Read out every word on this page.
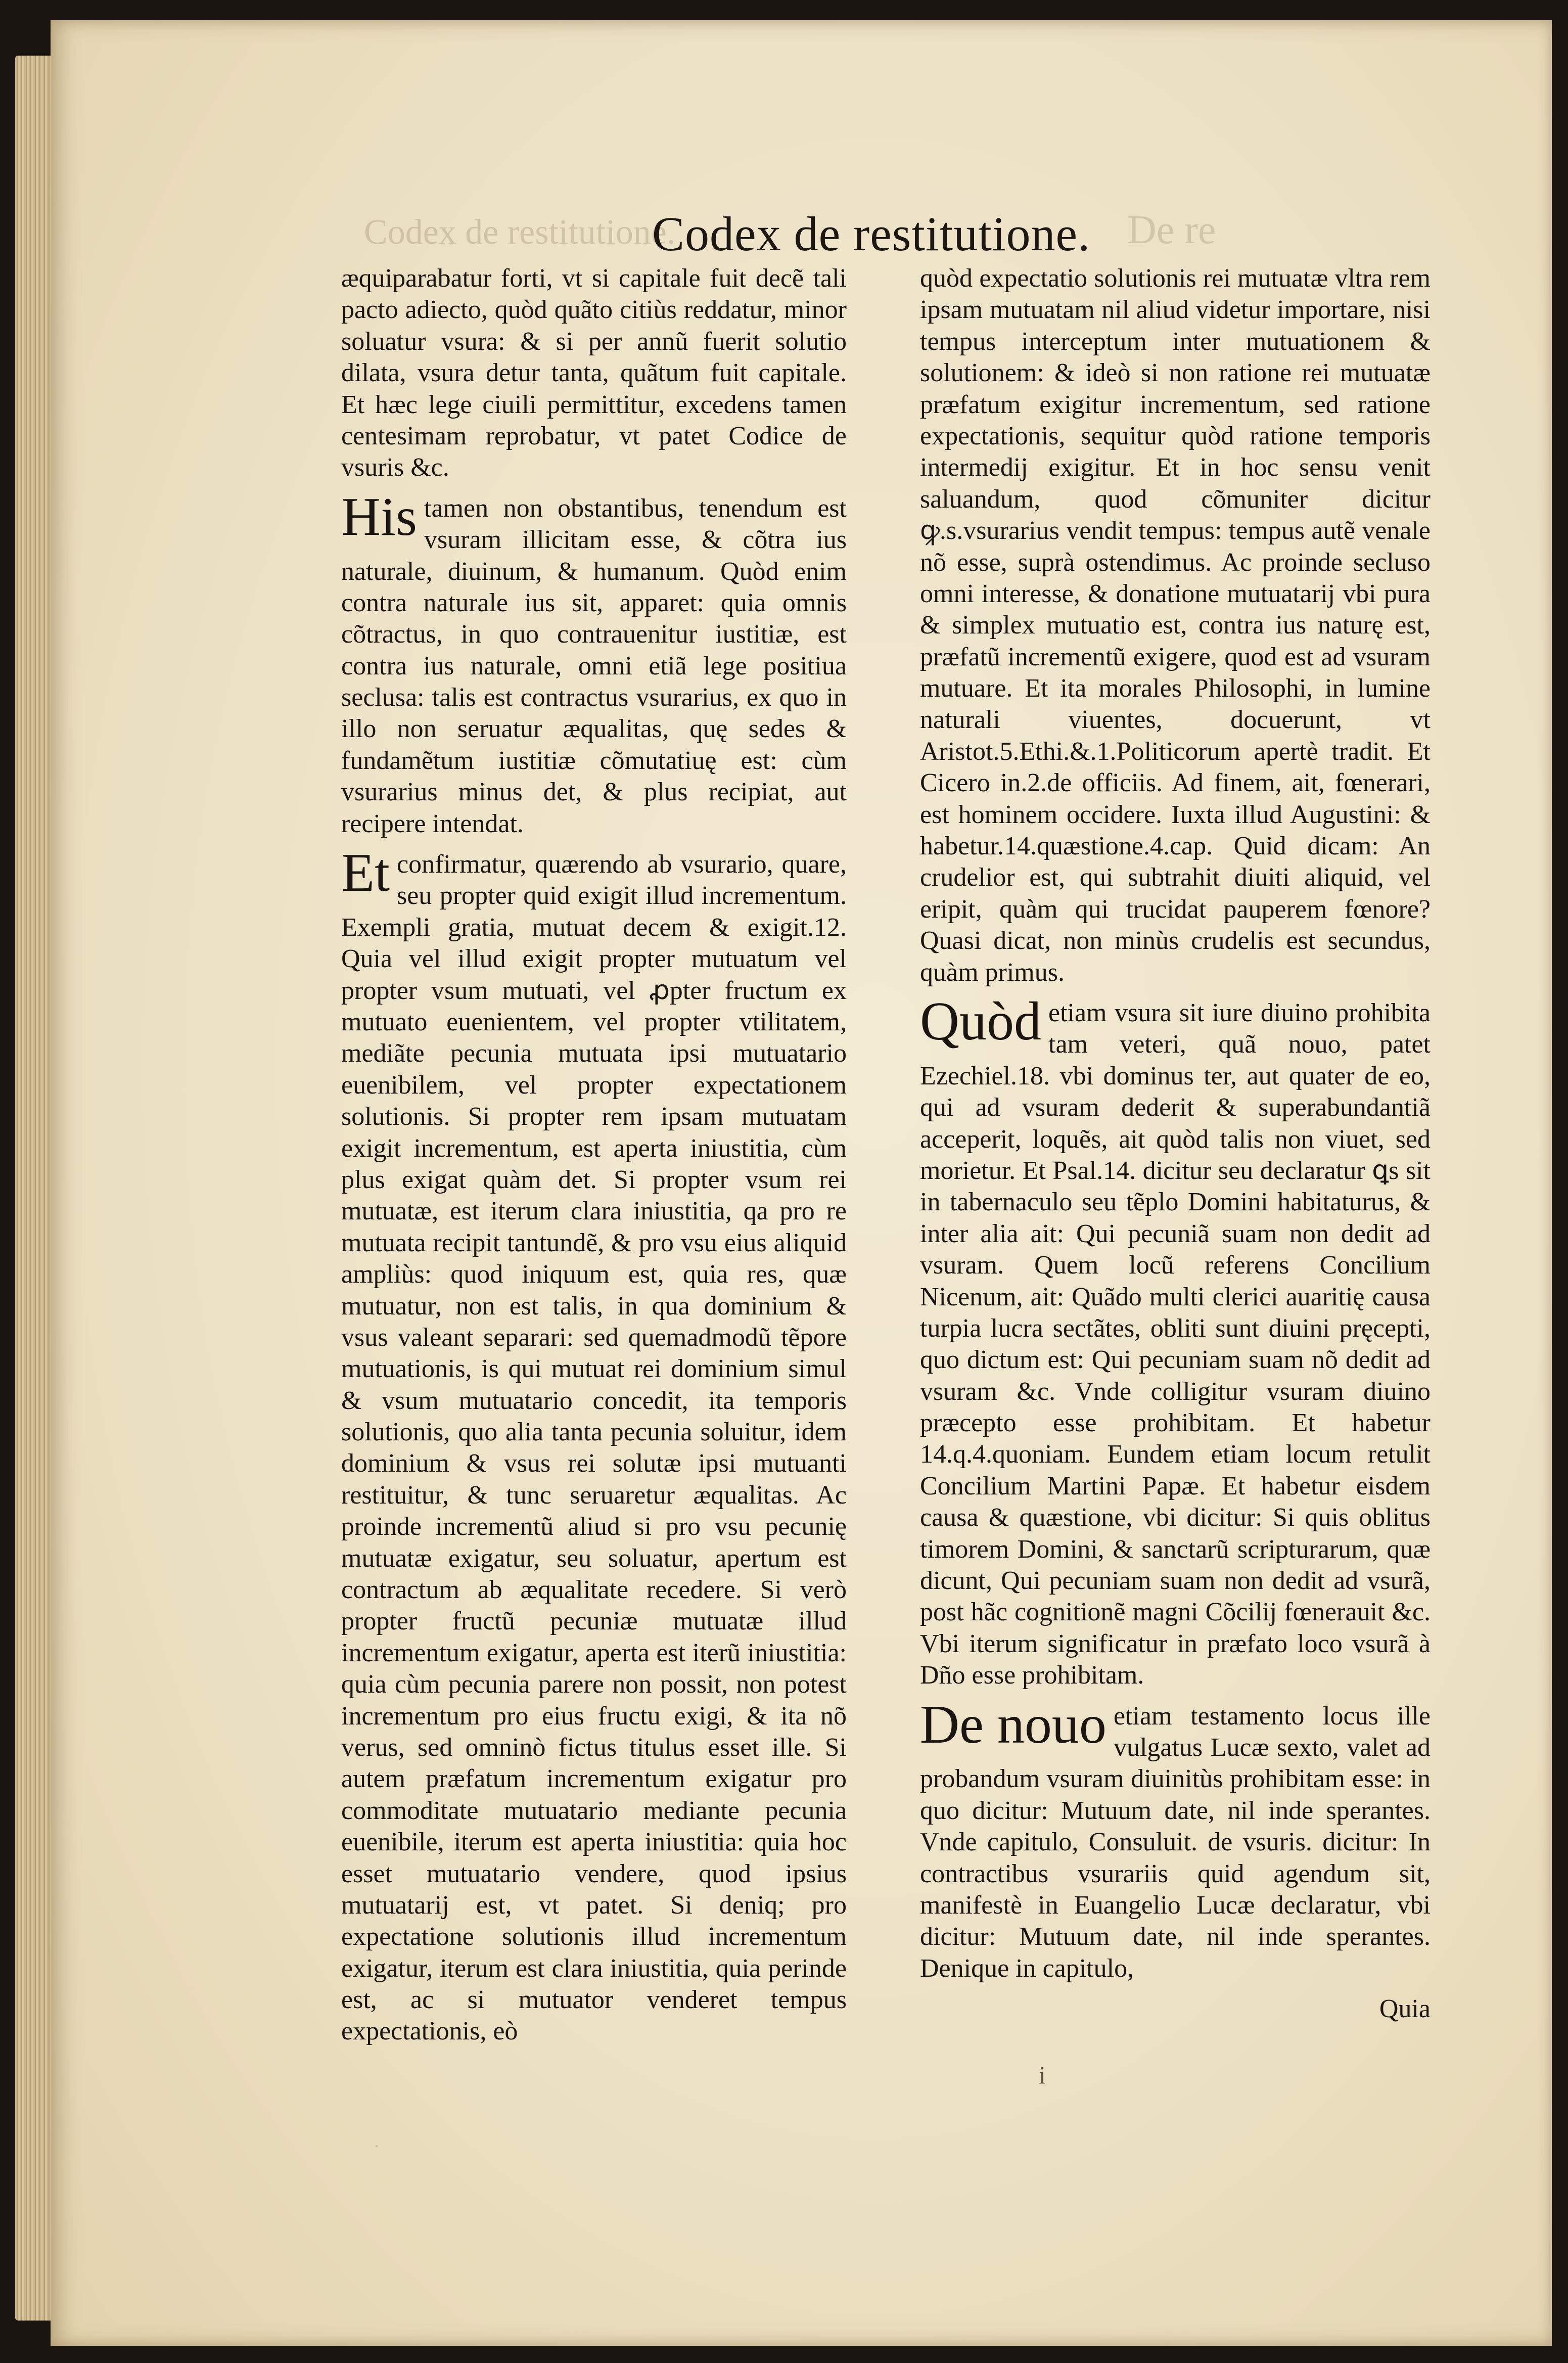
Codex de restitutione.
Codex de restitutione. De re

æquiparabatur forti, vt si capitale fuit decẽ tali pacto adiecto, quòd quãto citiùs reddatur, minor soluatur vsura: & si per annũ fuerit solutio dilata, vsura detur tanta, quãtum fuit capitale. Et hæc lege ciuili permittitur, excedens tamen centesimam reprobatur, vt patet Codice de vsuris &c.

His tamen non obstantibus, tenendum est vsuram illicitam esse, & cõtra ius naturale, diuinum, & humanum. Quòd enim contra naturale ius sit, apparet: quia omnis cõtractus, in quo contrauenitur iustitiæ, est contra ius naturale, omni etiã lege positiua seclusa: talis est contractus vsurarius, ex quo in illo non seruatur æqualitas, quę sedes & fundamẽtum iustitiæ cõmutatiuę est: cùm vsurarius minus det, & plus recipiat, aut recipere intendat.

Et confirmatur, quærendo ab vsurario, quare, seu propter quid exigit illud incrementum. Exempli gratia, mutuat decem & exigit.12. Quia vel illud exigit propter mutuatum vel propter vsum mutuati, vel ꝓpter fructum ex mutuato euenientem, vel propter vtilitatem, mediãte pecunia mutuata ipsi mutuatario euenibilem, vel propter expectationem solutionis. Si propter rem ipsam mutuatam exigit incrementum, est aperta iniustitia, cùm plus exigat quàm det. Si propter vsum rei mutuatæ, est iterum clara iniustitia, qa pro re mutuata recipit tantundẽ, & pro vsu eius aliquid ampliùs: quod iniquum est, quia res, quæ mutuatur, non est talis, in qua dominium & vsus valeant separari: sed quemadmodũ tẽpore mutuationis, is qui mutuat rei dominium simul & vsum mutuatario concedit, ita temporis solutionis, quo alia tanta pecunia soluitur, idem dominium & vsus rei solutæ ipsi mutuanti restituitur, & tunc seruaretur æqualitas. Ac proinde incrementũ aliud si pro vsu pecunię mutuatæ exigatur, seu soluatur, apertum est contractum ab æqualitate recedere. Si verò propter fructũ pecuniæ mutuatæ illud incrementum exigatur, aperta est iterũ iniustitia: quia cùm pecunia parere non possit, non potest incrementum pro eius fructu exigi, & ita nõ verus, sed omninò fictus titulus esset ille. Si autem præfatum incrementum exigatur pro commoditate mutuatario mediante pecunia euenibile, iterum est aperta iniustitia: quia hoc esset mutuatario vendere, quod ipsius mutuatarij est, vt patet. Si deniq; pro expectatione solutionis illud incrementum exigatur, iterum est clara iniustitia, quia perinde est, ac si mutuator venderet tempus expectationis, eò

quòd expectatio solutionis rei mutuatæ vltra rem ipsam mutuatam nil aliud videtur importare, nisi tempus interceptum inter mutuationem & solutionem: & ideò si non ratione rei mutuatæ præfatum exigitur incrementum, sed ratione expectationis, sequitur quòd ratione temporis intermedij exigitur. Et in hoc sensu venit saluandum, quod cõmuniter dicitur ꝙ.s.vsurarius vendit tempus: tempus autẽ venale nõ esse, suprà ostendimus. Ac proinde secluso omni interesse, & donatione mutuatarij vbi pura & simplex mutuatio est, contra ius naturę est, præfatũ incrementũ exigere, quod est ad vsuram mutuare. Et ita morales Philosophi, in lumine naturali viuentes, docuerunt, vt Aristot.5.Ethi.&.1.Politicorum apertè tradit. Et Cicero in.2.de officiis. Ad finem, ait, fœnerari, est hominem occidere. Iuxta illud Augustini: & habetur.14.quæstione.4.cap. Quid dicam: An crudelior est, qui subtrahit diuiti aliquid, vel eripit, quàm qui trucidat pauperem fœnore? Quasi dicat, non minùs crudelis est secundus, quàm primus.

Quòd etiam vsura sit iure diuino prohibita tam veteri, quã nouo, patet Ezechiel.18. vbi dominus ter, aut quater de eo, qui ad vsuram dederit & superabundantiã acceperit, loquẽs, ait quòd talis non viuet, sed morietur. Et Psal.14. dicitur seu declaratur ꝗs sit in tabernaculo seu tẽplo Domini habitaturus, & inter alia ait: Qui pecuniã suam non dedit ad vsuram. Quem locũ referens Concilium Nicenum, ait: Quãdo multi clerici auaritię causa turpia lucra sectãtes, obliti sunt diuini pręcepti, quo dictum est: Qui pecuniam suam nõ dedit ad vsuram &c. Vnde colligitur vsuram diuino præcepto esse prohibitam. Et habetur 14.q.4.quoniam. Eundem etiam locum retulit Concilium Martini Papæ. Et habetur eisdem causa & quæstione, vbi dicitur: Si quis oblitus timorem Domini, & sanctarũ scripturarum, quæ dicunt, Qui pecuniam suam non dedit ad vsurã, post hãc cognitionẽ magni Cõcilij fœnerauit &c. Vbi iterum significatur in præfato loco vsurã à Dño esse prohibitam.

De nouo etiam testamento locus ille vulgatus Lucæ sexto, valet ad probandum vsuram diuinitùs prohibitam esse: in quo dicitur: Mutuum date, nil inde sperantes. Vnde capitulo, Consuluit. de vsuris. dicitur: In contractibus vsurariis quid agendum sit, manifestè in Euangelio Lucæ declaratur, vbi dicitur: Mutuum date, nil inde sperantes. Denique in capitulo,

Quia

i
.
